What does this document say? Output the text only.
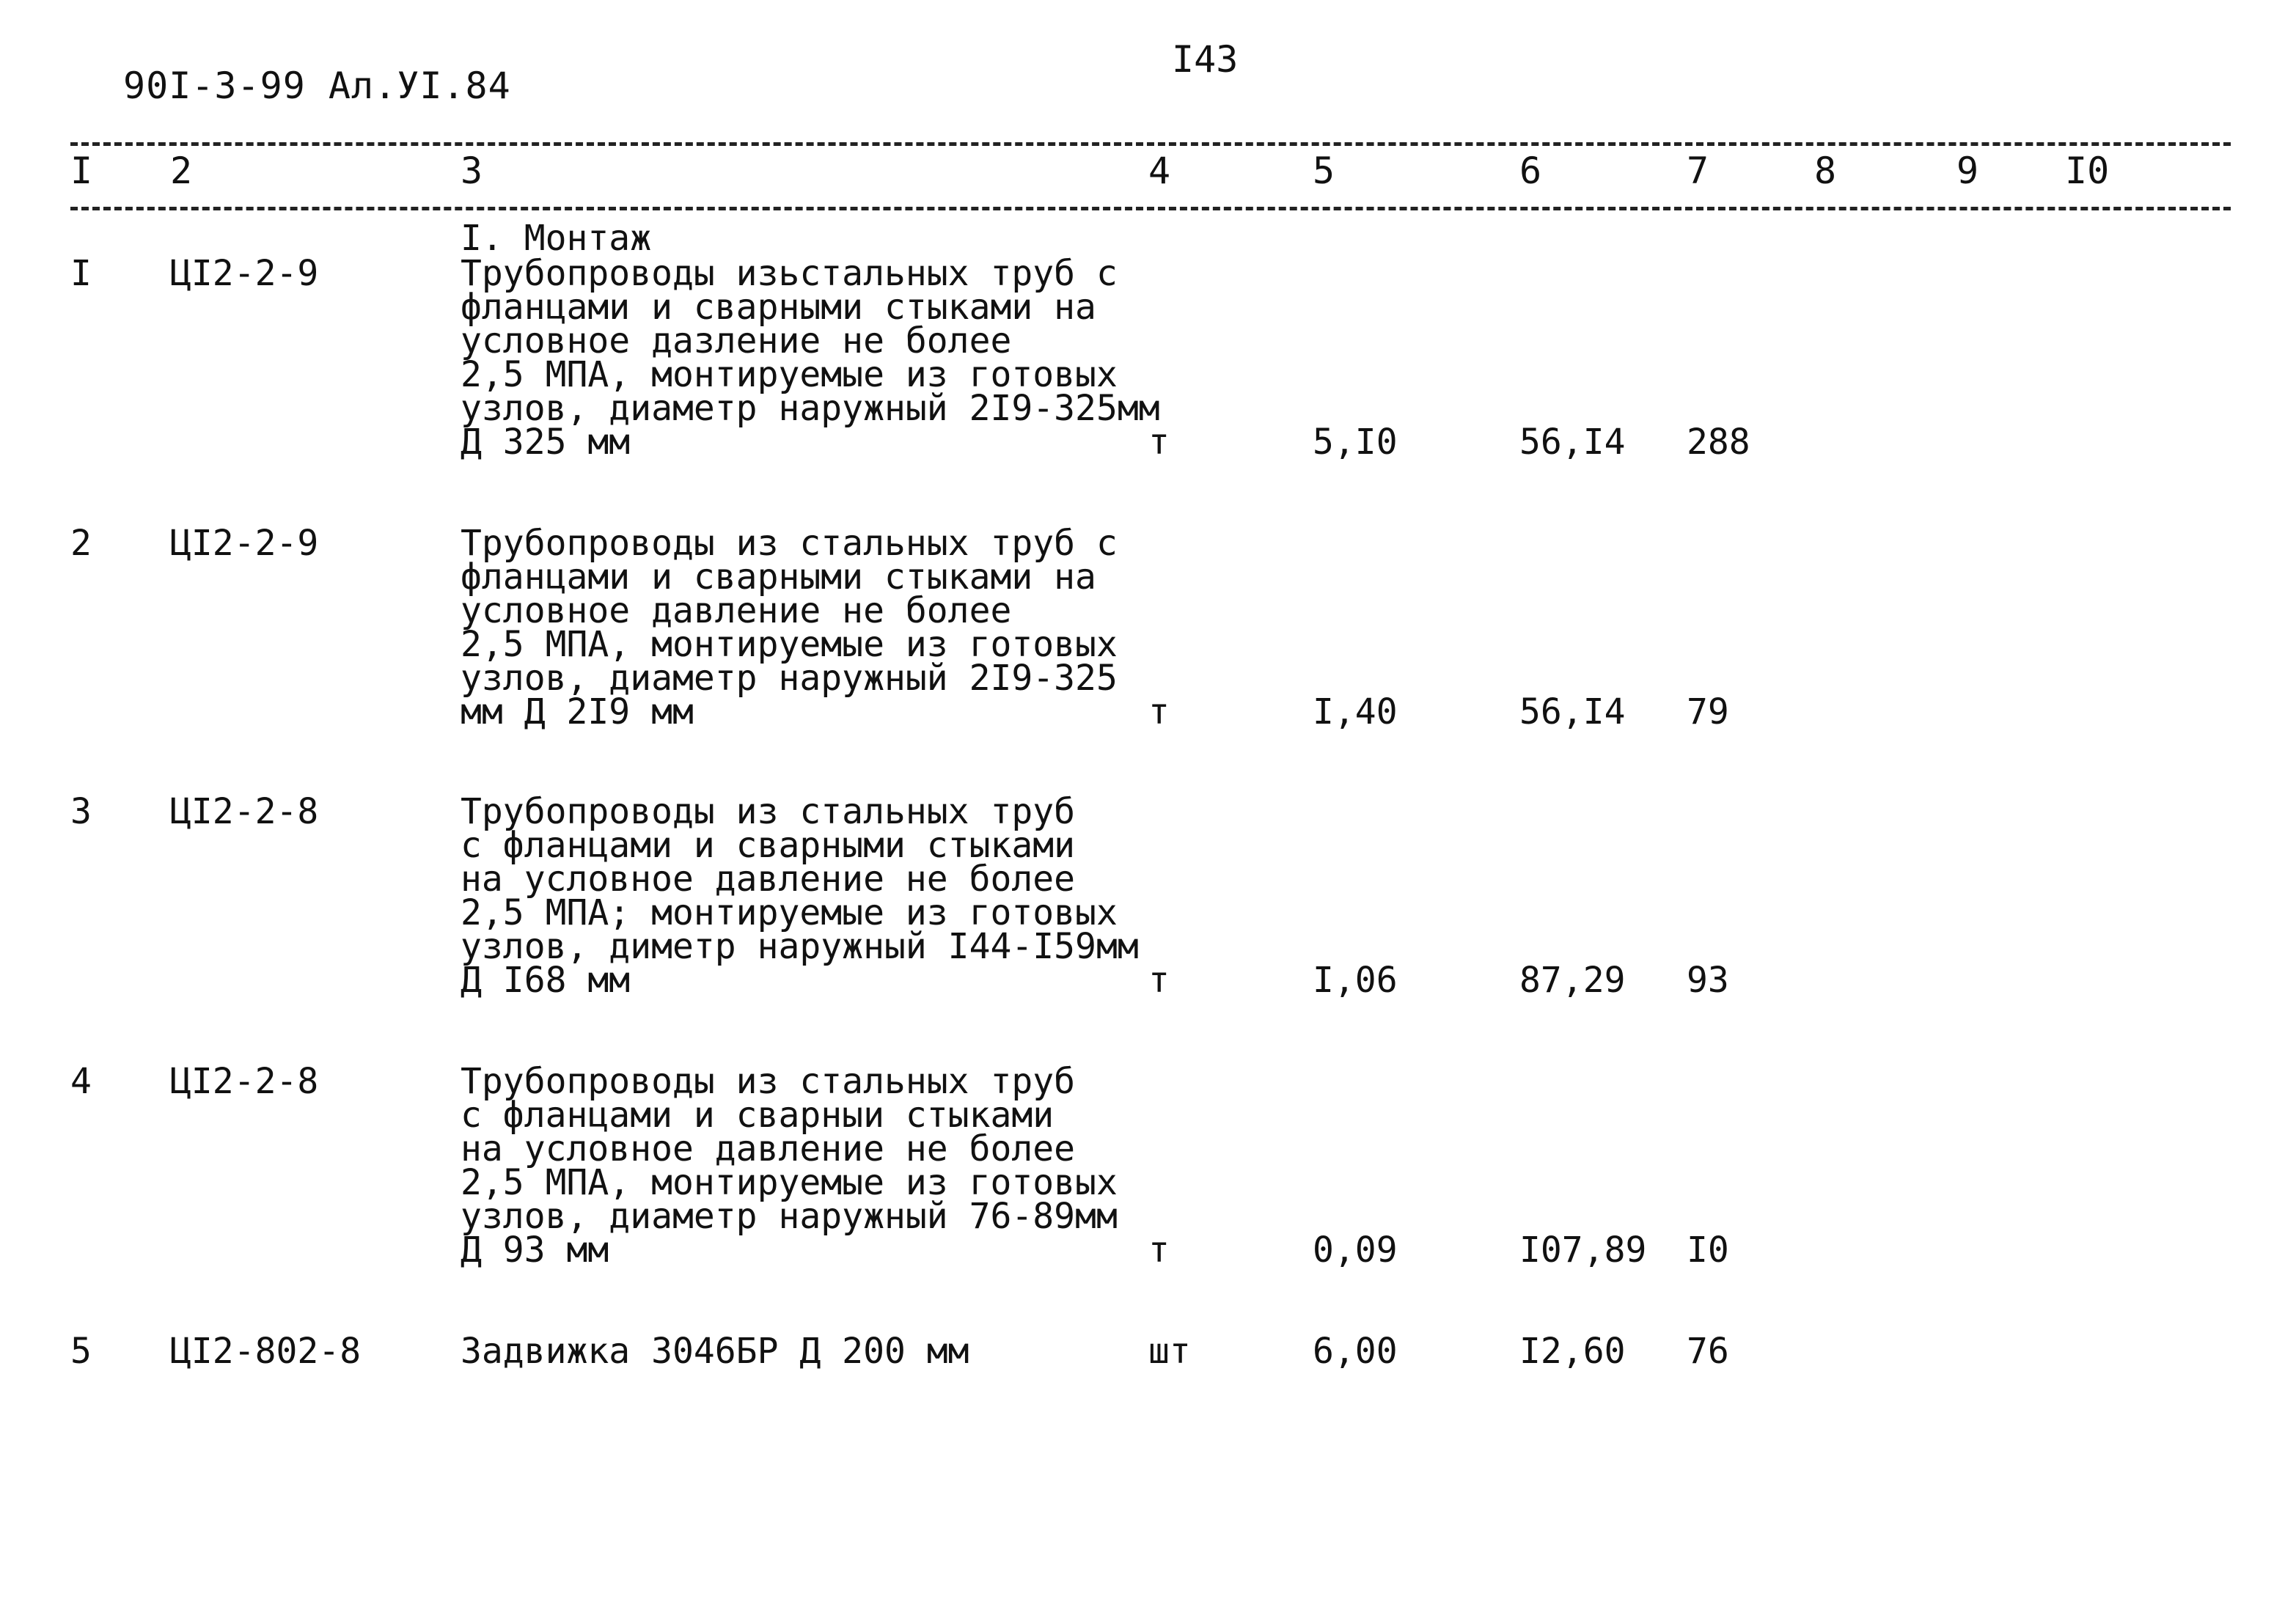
90I-3-99 Ал.УI.84
I43
I 2	3	4	5	6	7	8	9 I0
I. Монтаж
I ЦI2-2-9	Трубопроводы изьстальных труб с
фланцами и сварными стыками на
условное дазление не более
2,5 МПА, монтируемые из готовых
узлов, диаметр наружный 2I9-325мм
Д 325 мм	т	5,I0	56,I4 288
2 ЦI2-2-9	Трубопроводы из стальных труб с
фланцами и сварными стыками на
условное давление не более
2,5 МПА, монтируемые из готовых
узлов, диаметр наружный 2I9-325
мм Д 2I9 мм	т	I,40	56,I4 79
3 ЦI2-2-8	Трубопроводы из стальных труб
с фланцами и сварными стыками
на условное давление не более
2,5 МПА; монтируемые из готовых
узлов, диметр наружный I44-I59мм
Д I68 мм	т	I,06	87,29 93
4 ЦI2-2-8	Трубопроводы из стальных труб
с фланцами и сварныи стыками
на условное давление не более
2,5 МПА, монтируемые из готовых
узлов, диаметр наружный 76-89мм
Д 93 мм	т	0,09	I07,89 I0
5 ЦI2-802-8	Задвижка 3046БР Д 200 мм	шт	6,00	I2,60 76
